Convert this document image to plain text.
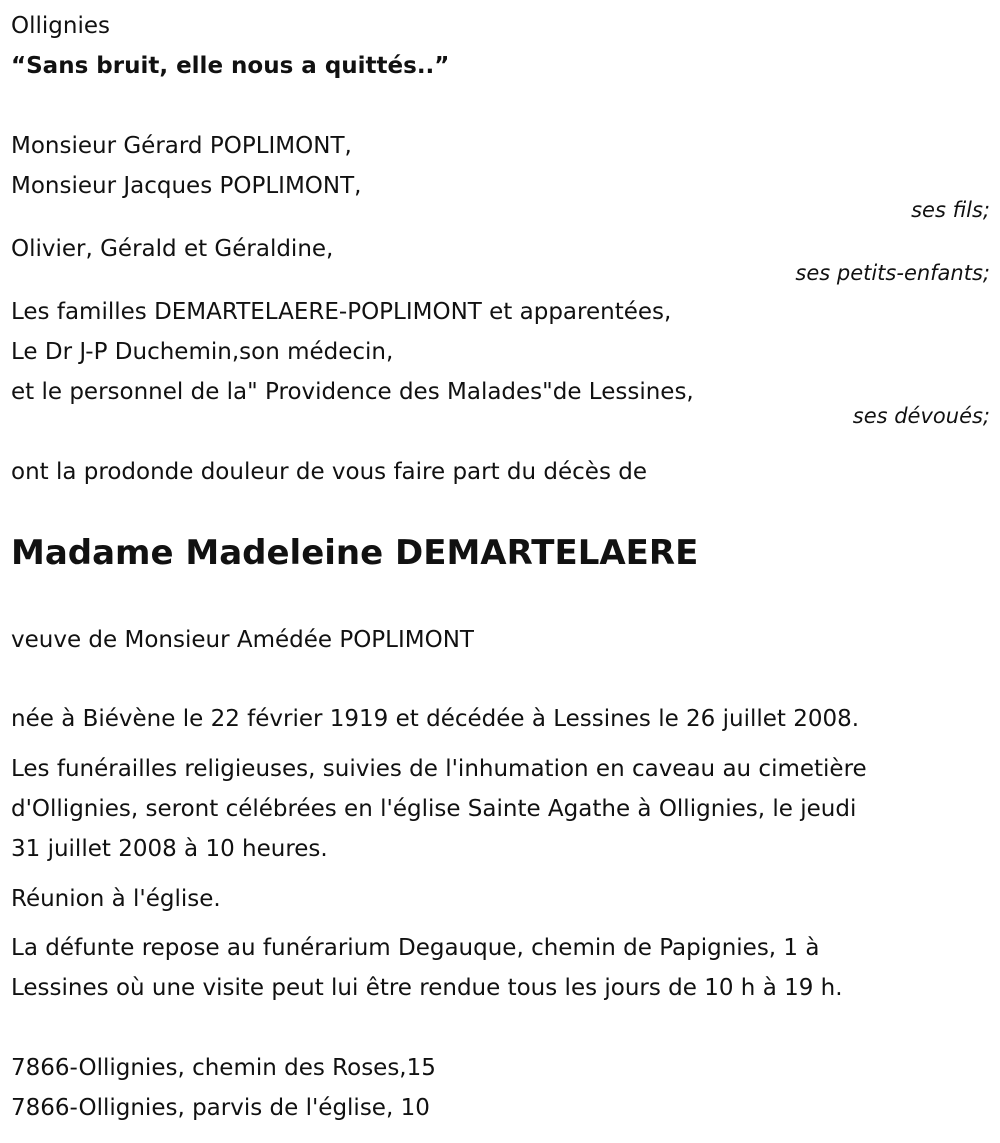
Ollignies
“Sans bruit, elle nous a quittés..”
Monsieur Gérard POPLIMONT,
Monsieur Jacques POPLIMONT,
ses fils;
Olivier, Gérald et Géraldine,
ses petits-enfants;
Les familles DEMARTELAERE-POPLIMONT et apparentées,
Le Dr J-P Duchemin,son médecin,
et le personnel de la" Providence des Malades"de Lessines,
ses dévoués;
ont la prodonde douleur de vous faire part du décès de
Madame Madeleine DEMARTELAERE
veuve de Monsieur Amédée POPLIMONT
née à Biévène le 22 février 1919 et décédée à Lessines le 26 juillet 2008.
Les funérailles religieuses, suivies de l'inhumation en caveau au cimetière
d'Ollignies, seront célébrées en l'église Sainte Agathe à Ollignies, le jeudi
31 juillet 2008 à 10 heures.
Réunion à l'église.
La défunte repose au funérarium Degauque, chemin de Papignies, 1 à
Lessines où une visite peut lui être rendue tous les jours de 10 h à 19 h.
7866-Ollignies, chemin des Roses,15
7866-Ollignies, parvis de l'église, 10
